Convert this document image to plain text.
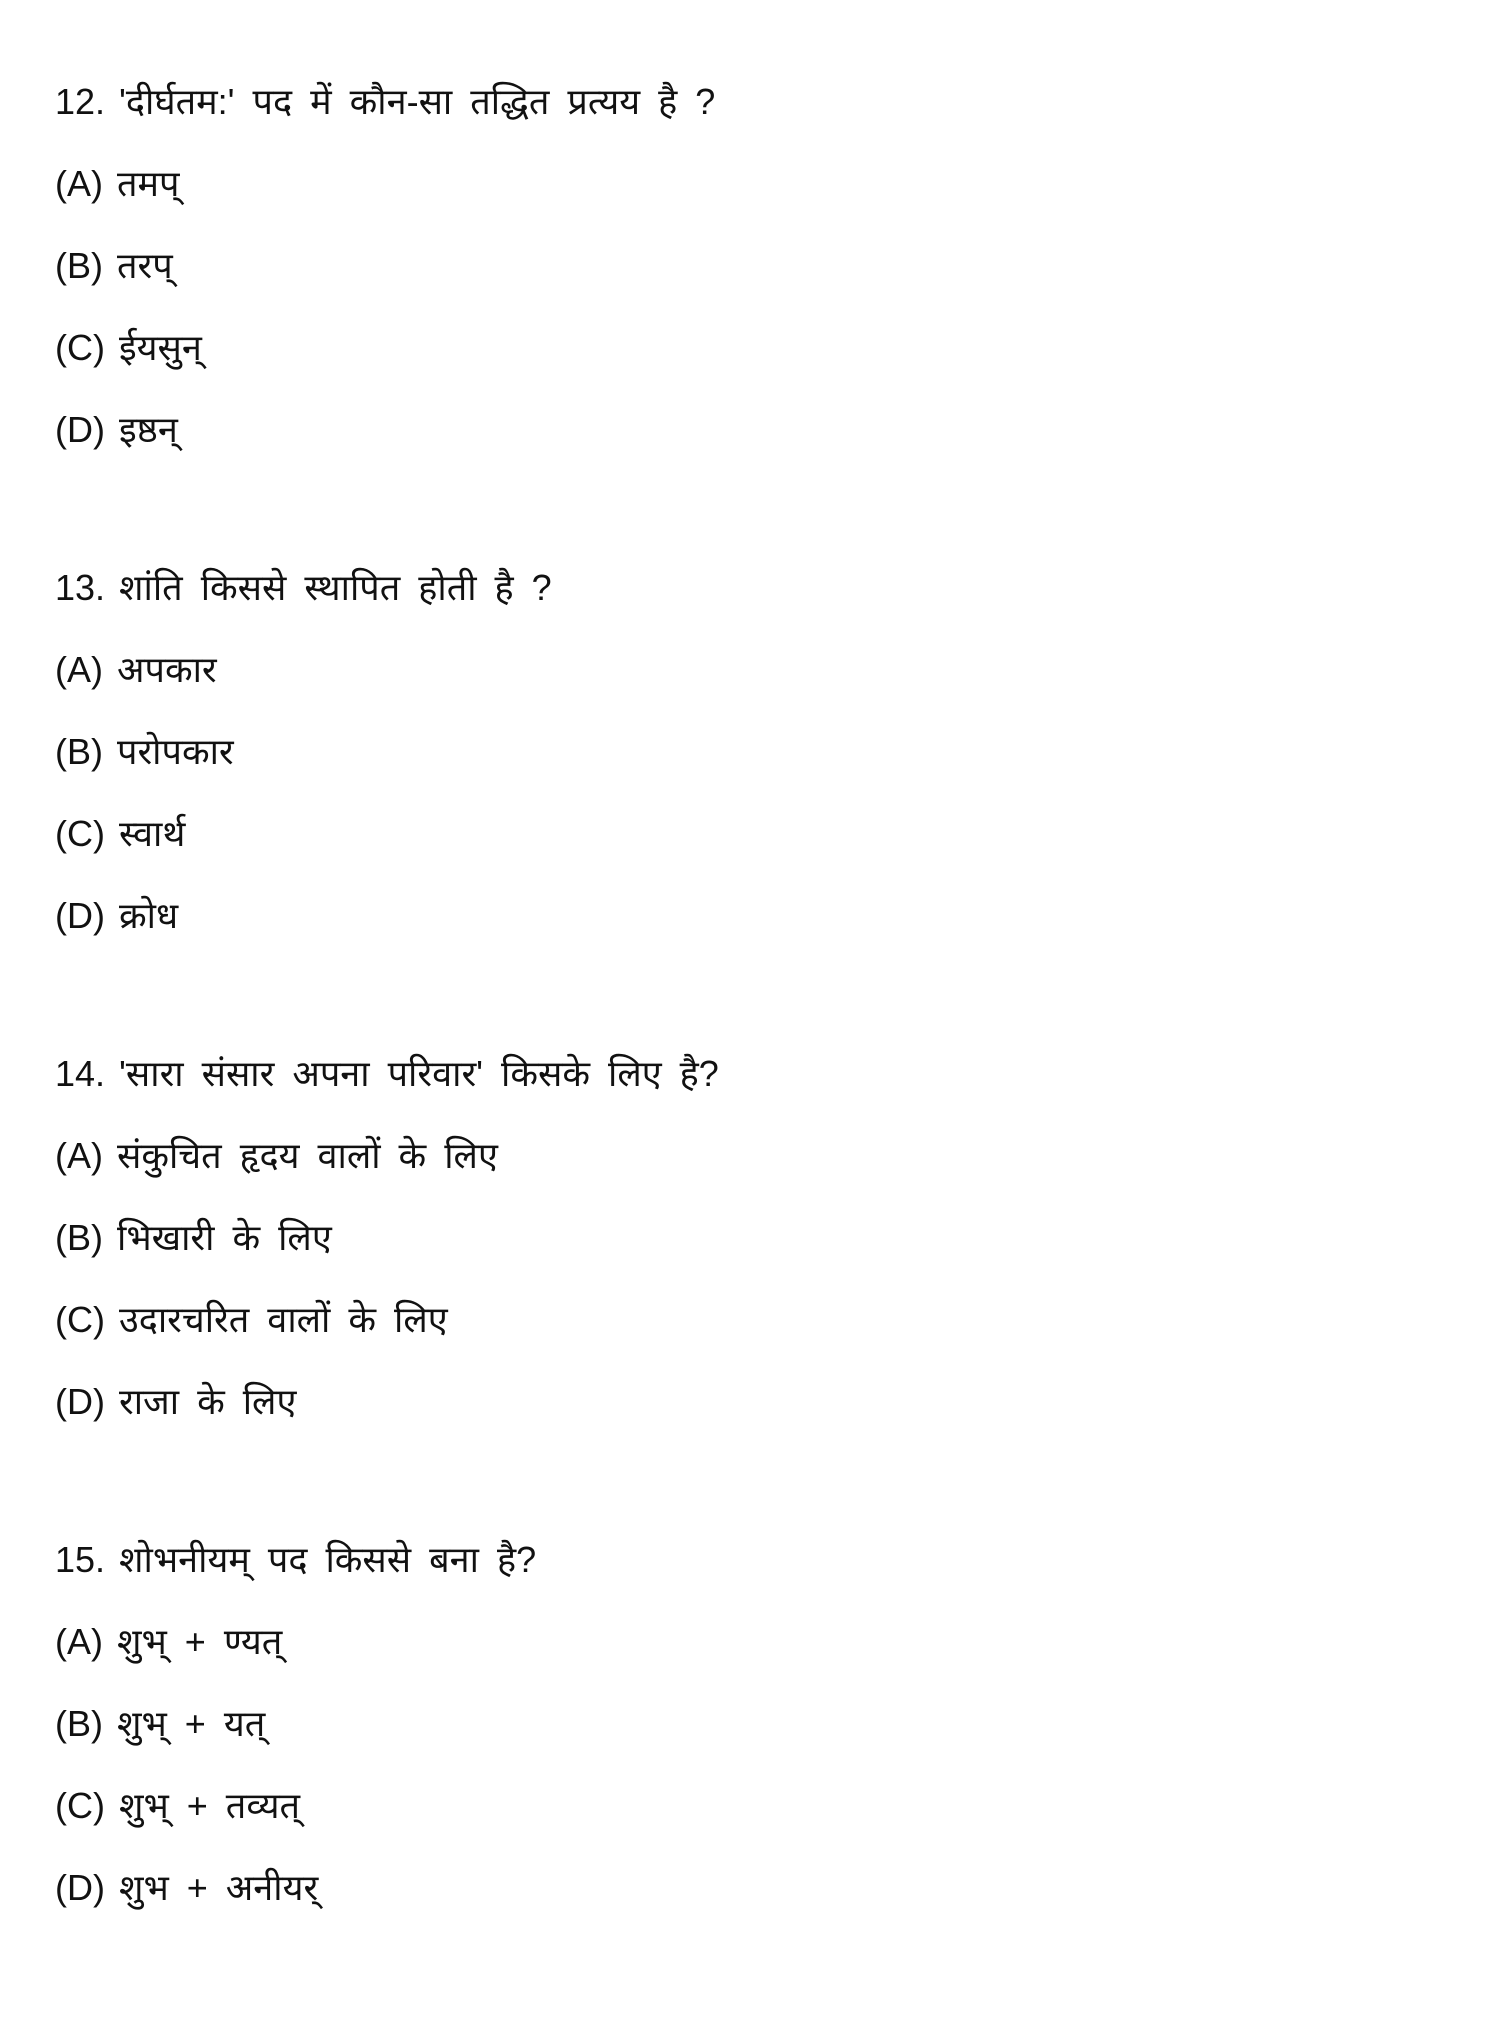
12. 'दीर्घतम:' पद में कौन-सा तद्धित प्रत्यय है ?
(A) तमप्
(B) तरप्
(C) ईयसुन्
(D) इष्ठन्
13. शांति किससे स्थापित होती है ?
(A) अपकार
(B) परोपकार
(C) स्वार्थ
(D) क्रोध
14. 'सारा संसार अपना परिवार' किसके लिए है?
(A) संकुचित हृदय वालों के लिए
(B) भिखारी के लिए
(C) उदारचरित वालों के लिए
(D) राजा के लिए
15. शोभनीयम् पद किससे बना है?
(A) शुभ् + ण्यत्
(B) शुभ् + यत्
(C) शुभ् + तव्यत्
(D) शुभ + अनीयर्
